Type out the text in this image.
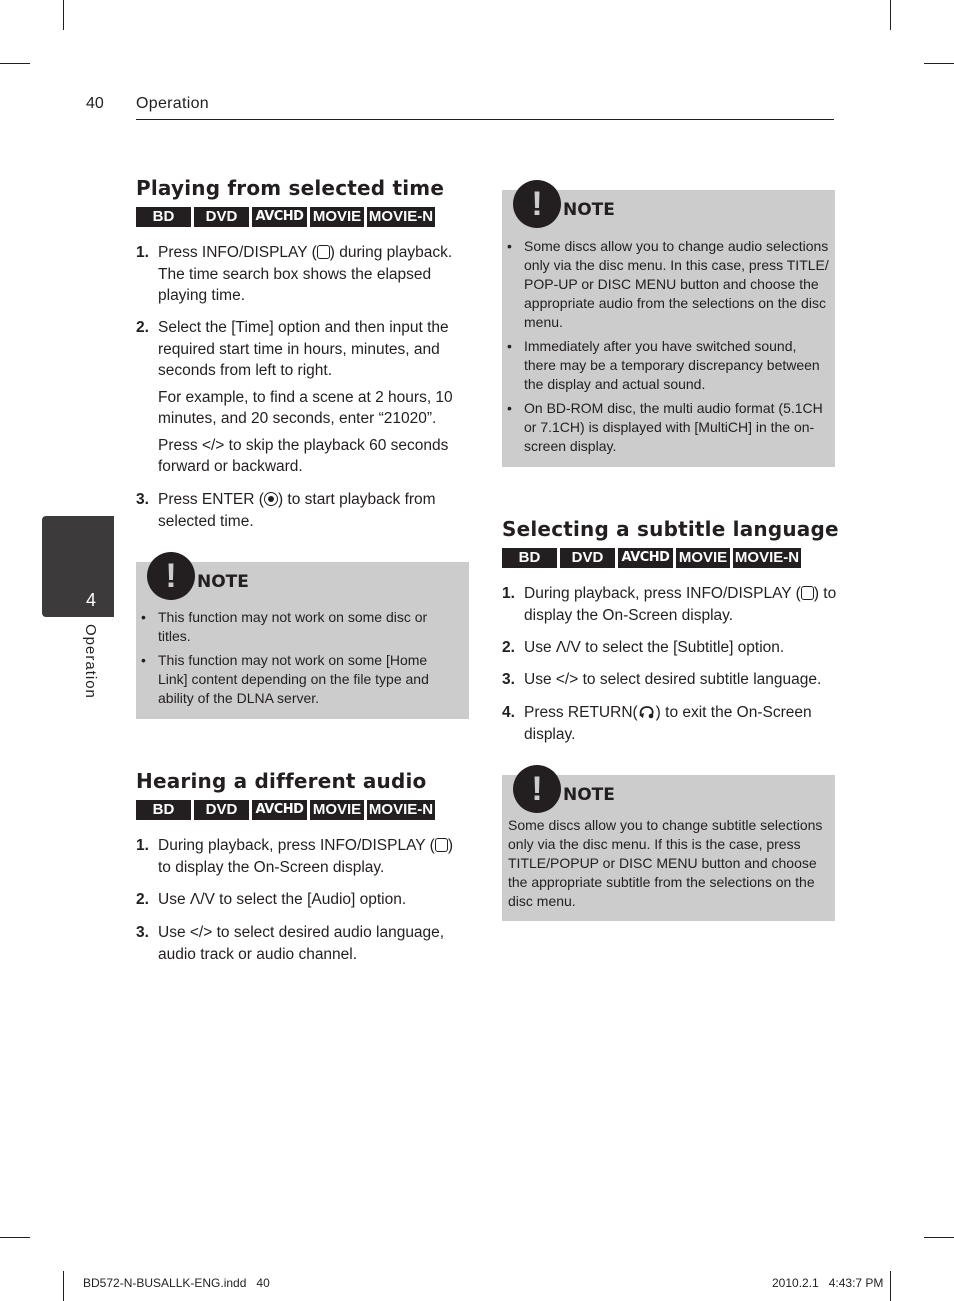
40 Operation
4
Operation
Playing from selected time
BD	DVD	AVCHD MOVIE MOVIE-N
1. Press INFO/DISPLAY ( ) during playback. The time search box shows the elapsed playing time.
2. Select the [Time] option and then input the required start time in hours, minutes, and seconds from left to right.

For example, to find a scene at 2 hours, 10 minutes, and 20 seconds, enter “21020”.

Press </> to skip the playback 60 seconds forward or backward.

3. Press ENTER ( ) to start playback from selected time.
!	NOTE
• This function may not work on some disc or titles.
• This function may not work on some [Home Link] content depending on the file type and ability of the DLNA server.
Hearing a different audio
BD	DVD	AVCHD MOVIE MOVIE-N
1. During playback, press INFO/DISPLAY ( ) to display the On-Screen display.
2. Use Λ/V to select the [Audio] option.
3. Use </> to select desired audio language, audio track or audio channel.
!	NOTE
• Some discs allow you to change audio selections only via the disc menu. In this case, press TITLE/ POP-UP or DISC MENU button and choose the appropriate audio from the selections on the disc menu.
• Immediately after you have switched sound, there may be a temporary discrepancy between the display and actual sound.
• On BD-ROM disc, the multi audio format (5.1CH or 7.1CH) is displayed with [MultiCH] in the on-screen display.
Selecting a subtitle language
BD	DVD	AVCHD MOVIE MOVIE-N
1. During playback, press INFO/DISPLAY ( ) to display the On-Screen display.
2. Use Λ/V to select the [Subtitle] option.
3. Use </> to select desired subtitle language.
4. Press RETURN( ) to exit the On-Screen display.
!	NOTE
Some discs allow you to change subtitle selections only via the disc menu. If this is the case, press TITLE/POPUP or DISC MENU button and choose the appropriate subtitle from the selections on the disc menu.
BD572-N-BUSALLK-ENG.indd   40	2010.2.1   4:43:7 PM
